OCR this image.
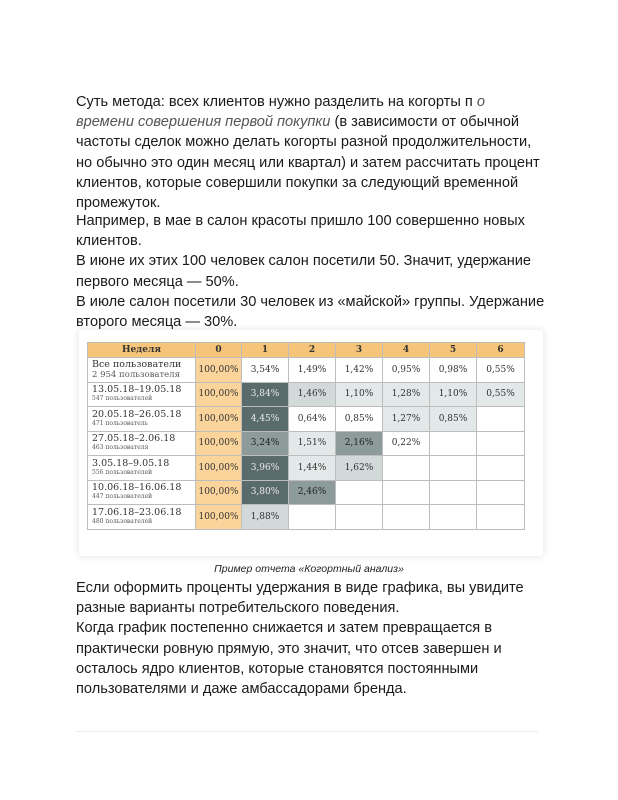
Суть метода: всех клиентов нужно разделить на когорты п о времени совершения первой покупки (в зависимости от обычной частоты сделок можно делать когорты разной продолжительности, но обычно это один месяц или квартал) и затем рассчитать процент клиентов, которые совершили покупки за следующий временной промежуток.
Например, в мае в салон красоты пришло 100 совершенно новых клиентов.
В июне их этих 100 человек салон посетили 50. Значит, удержание первого месяца — 50%.
В июле салон посетили 30 человек из «майской» группы. Удержание второго месяца — 30%.
Неделя	0	1	2	3	4	5	6
Все пользователи
2 954 пользователя	100,00%	3,54%	1,49%	1,42%	0,95%	0,98%	0,55%
13.05.18–19.05.18
547 пользователей	100,00%	3,84%	1,46%	1,10%	1,28%	1,10%	0,55%
20.05.18–26.05.18
471 пользователь	100,00%	4,45%	0,64%	0,85%	1,27%	0,85%	
27.05.18–2.06.18
463 пользователя	100,00%	3,24%	1,51%	2,16%	0,22%		
3.05.18–9.05.18
556 пользователей	100,00%	3,96%	1,44%	1,62%			
10.06.18–16.06.18
447 пользователей	100,00%	3,80%	2,46%				
17.06.18–23.06.18
480 пользователей	100,00%	1,88%					
Пример отчета «Когортный анализ»
Если оформить проценты удержания в виде графика, вы увидите разные варианты потребительского поведения.
Когда график постепенно снижается и затем превращается в практически ровную прямую, это значит, что отсев завершен и осталось ядро клиентов, которые становятся постоянными пользователями и даже амбассадорами бренда.
